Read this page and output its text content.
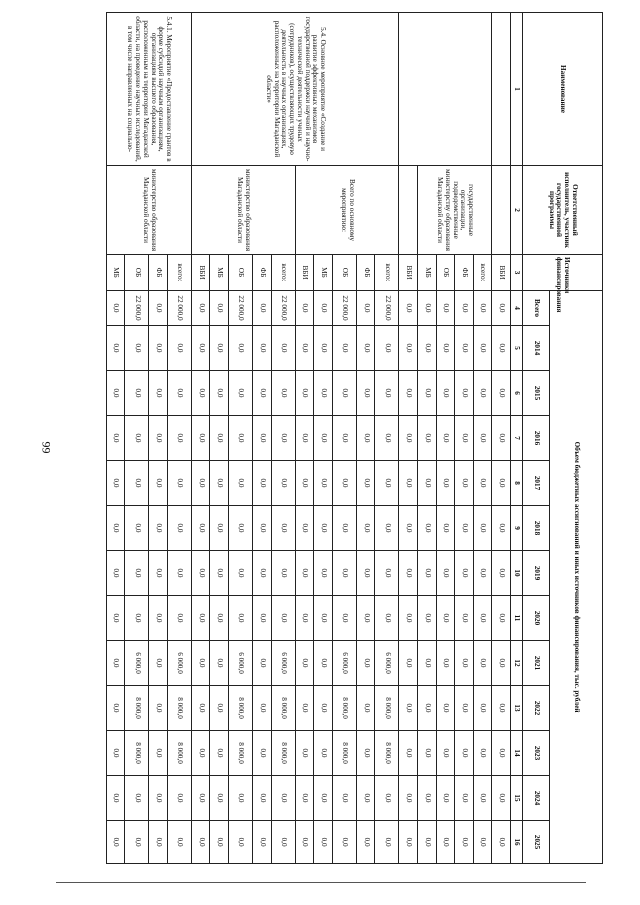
99
Наименование	Ответственный исполнитель, участник государственной программы	Источники финансирования	Объем бюджетных ассигнований и иных источников финансирования, тыс. рублей												
			Всего	2014	2015	2016	2017	2018	2019	2020	2021	2022	2023	2024	2025
1	2	3	4	5	6	7	8	9	10	11	12	13	14	15	16
		ВБИ	0,0	0,0	0,0	0,0	0,0	0,0	0,0	0,0	0,0	0,0	0,0	0,0	0,0
	государственные организации, подведомственные министерству образования Магаданской области	всего:	0,0	0,0	0,0	0,0	0,0	0,0	0,0	0,0	0,0	0,0	0,0	0,0	0,0
		ФБ	0,0	0,0	0,0	0,0	0,0	0,0	0,0	0,0	0,0	0,0	0,0	0,0	0,0
		ОБ	0,0	0,0	0,0	0,0	0,0	0,0	0,0	0,0	0,0	0,0	0,0	0,0	0,0
		МБ	0,0	0,0	0,0	0,0	0,0	0,0	0,0	0,0	0,0	0,0	0,0	0,0	0,0
		ВБИ	0,0	0,0	0,0	0,0	0,0	0,0	0,0	0,0	0,0	0,0	0,0	0,0	0,0
5.4. Основное мероприятие «Создание и развитие эффективных механизмов государственной поддержки научной и научно-технической деятельности ученых (сотрудников), осуществляющих трудовую деятельность в научных организациях, расположенных на территории Магаданской области»	Всего по основному мероприятию:	всего:	22 000,0	0,0	0,0	0,0	0,0	0,0	0,0	0,0	6 000,0	8 000,0	8 000,0	0,0	0,0
		ФБ	0,0	0,0	0,0	0,0	0,0	0,0	0,0	0,0	0,0	0,0	0,0	0,0	0,0
		ОБ	22 000,0	0,0	0,0	0,0	0,0	0,0	0,0	0,0	6 000,0	8 000,0	8 000,0	0,0	0,0
		МБ	0,0	0,0	0,0	0,0	0,0	0,0	0,0	0,0	0,0	0,0	0,0	0,0	0,0
		ВБИ	0,0	0,0	0,0	0,0	0,0	0,0	0,0	0,0	0,0	0,0	0,0	0,0	0,0
	министерство образования Магаданской области	всего:	22 000,0	0,0	0,0	0,0	0,0	0,0	0,0	0,0	6 000,0	8 000,0	8 000,0	0,0	0,0
		ФБ	0,0	0,0	0,0	0,0	0,0	0,0	0,0	0,0	0,0	0,0	0,0	0,0	0,0
		ОБ	22 000,0	0,0	0,0	0,0	0,0	0,0	0,0	0,0	6 000,0	8 000,0	8 000,0	0,0	0,0
		МБ	0,0	0,0	0,0	0,0	0,0	0,0	0,0	0,0	0,0	0,0	0,0	0,0	0,0
		ВБИ	0,0	0,0	0,0	0,0	0,0	0,0	0,0	0,0	0,0	0,0	0,0	0,0	0,0
5.4.1. Мероприятие «Предоставление грантов в форме субсидий научным организациям, организациям высшего образования, расположенным на территории Магаданской области, на проведение научных исследований, в том числе направленных на социально-	министерство образования Магаданской области	всего:	22 000,0	0,0	0,0	0,0	0,0	0,0	0,0	0,0	6 000,0	8 000,0	8 000,0	0,0	0,0
		ФБ	0,0	0,0	0,0	0,0	0,0	0,0	0,0	0,0	0,0	0,0	0,0	0,0	0,0
		ОБ	22 000,0	0,0	0,0	0,0	0,0	0,0	0,0	0,0	6 000,0	8 000,0	8 000,0	0,0	0,0
		МБ	0,0	0,0	0,0	0,0	0,0	0,0	0,0	0,0	0,0	0,0	0,0	0,0	0,0
